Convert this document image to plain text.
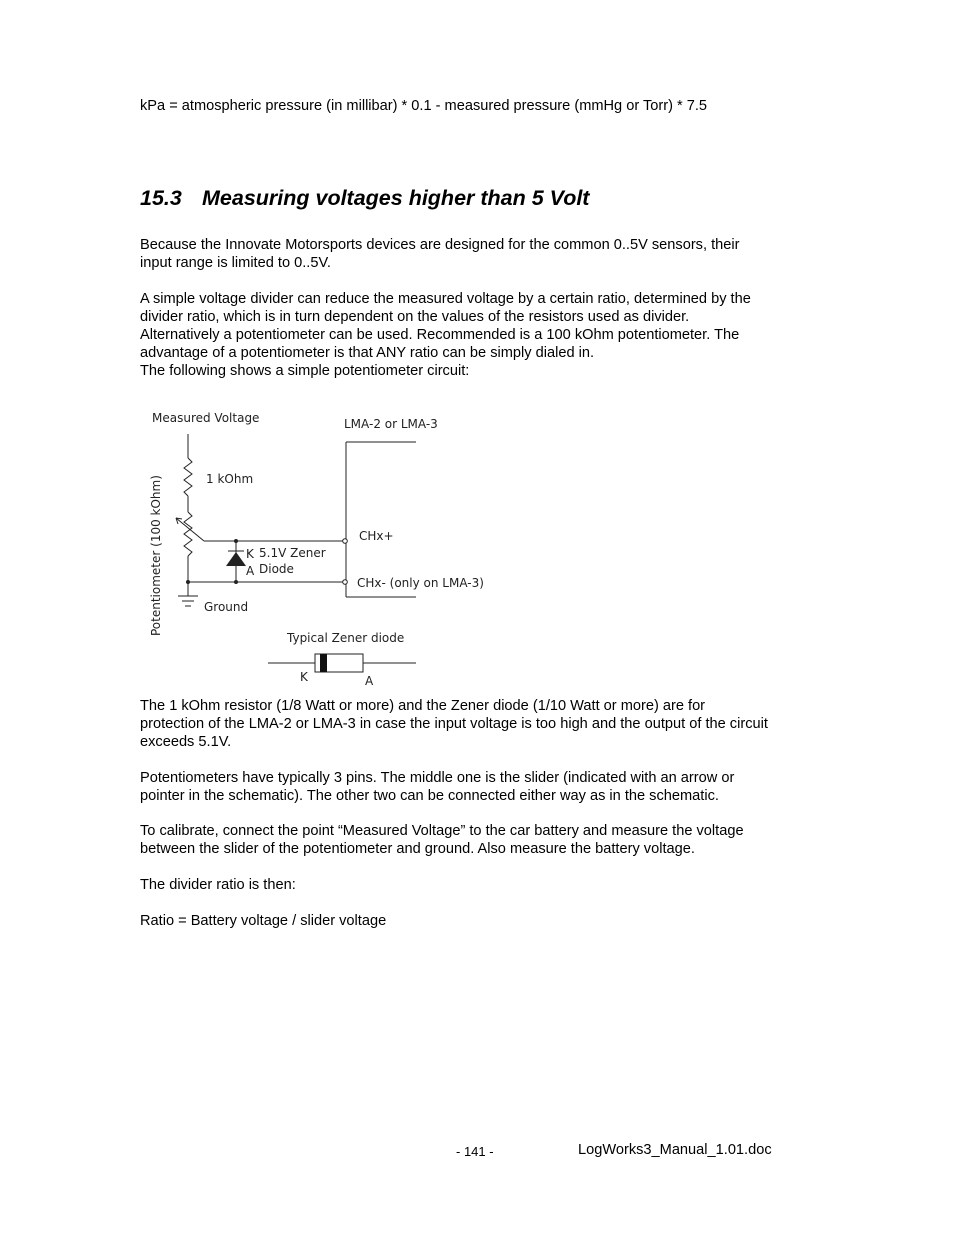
kPa = atmospheric pressure (in millibar) * 0.1 - measured pressure (mmHg or Torr) * 7.5

15.3 Measuring voltages higher than 5 Volt

Because the Innovate Motorsports devices are designed for the common 0..5V sensors, their
input range is limited to 0..5V.

A simple voltage divider can reduce the measured voltage by a certain ratio, determined by the
divider ratio, which is in turn dependent on the values of the resistors used as divider.
Alternatively a potentiometer can be used. Recommended is a 100 kOhm potentiometer. The
advantage of a potentiometer is that ANY ratio can be simply dialed in.
The following shows a simple potentiometer circuit:

Measured Voltage	LMA-2 or LMA-3
1 kOhm
Potentiometer (100 kOhm)	K
A
5.1V Zener
Diode
CHx+
CHx- (only on LMA-3)
Ground
Typical Zener diode
K	A

The 1 kOhm resistor (1/8 Watt or more) and the Zener diode (1/10 Watt or more) are for
protection of the LMA-2 or LMA-3 in case the input voltage is too high and the output of the circuit
exceeds 5.1V.

Potentiometers have typically 3 pins. The middle one is the slider (indicated with an arrow or
pointer in the schematic). The other two can be connected either way as in the schematic.

To calibrate, connect the point “Measured Voltage” to the car battery and measure the voltage
between the slider of the potentiometer and ground. Also measure the battery voltage.

The divider ratio is then:

Ratio = Battery voltage / slider voltage

- 141 -	LogWorks3_Manual_1.01.doc
